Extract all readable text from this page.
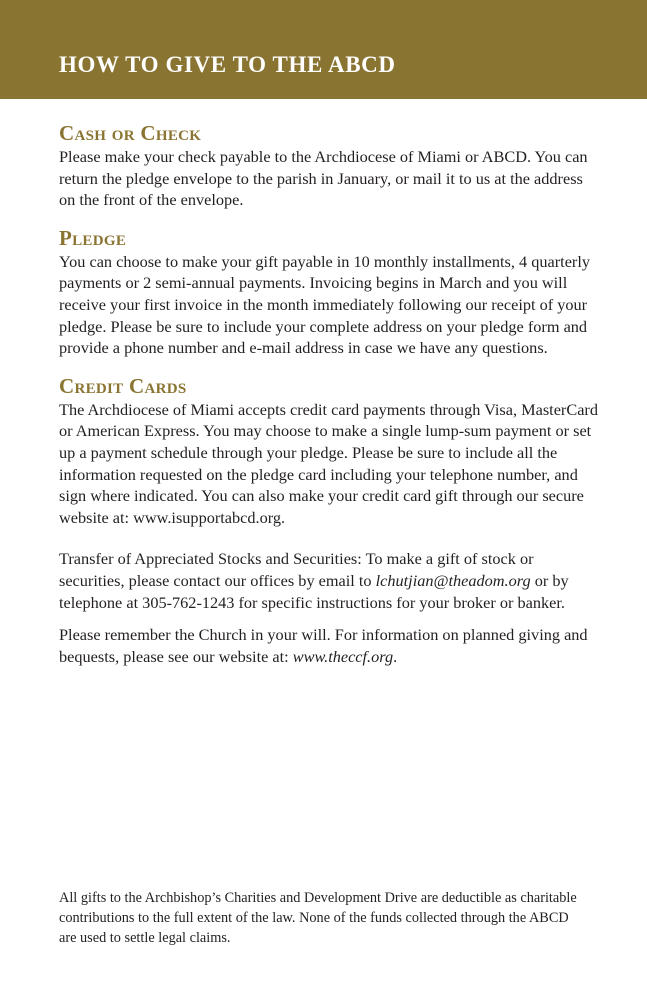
HOW TO GIVE TO THE ABCD
Cash or Check

Please make your check payable to the Archdiocese of Miami or ABCD. You can return the pledge envelope to the parish in January, or mail it to us at the address on the front of the envelope.

Pledge

You can choose to make your gift payable in 10 monthly installments, 4 quarterly payments or 2 semi-annual payments. Invoicing begins in March and you will receive your first invoice in the month immediately following our receipt of your pledge. Please be sure to include your complete address on your pledge form and provide a phone number and e-mail address in case we have any questions.

Credit Cards

The Archdiocese of Miami accepts credit card payments through Visa, MasterCard or American Express. You may choose to make a single lump-sum payment or set up a payment schedule through your pledge. Please be sure to include all the information requested on the pledge card including your telephone number, and sign where indicated. You can also make your credit card gift through our secure website at: www.isupportabcd.org.

Transfer of Appreciated Stocks and Securities: To make a gift of stock or securities, please contact our offices by email to lchutjian@theadom.org or by telephone at 305-762-1243 for specific instructions for your broker or banker.

Please remember the Church in your will. For information on planned giving and bequests, please see our website at: www.theccf.org.

All gifts to the Archbishop’s Charities and Development Drive are deductible as charitable contributions to the full extent of the law. None of the funds collected through the ABCD are used to settle legal claims.
